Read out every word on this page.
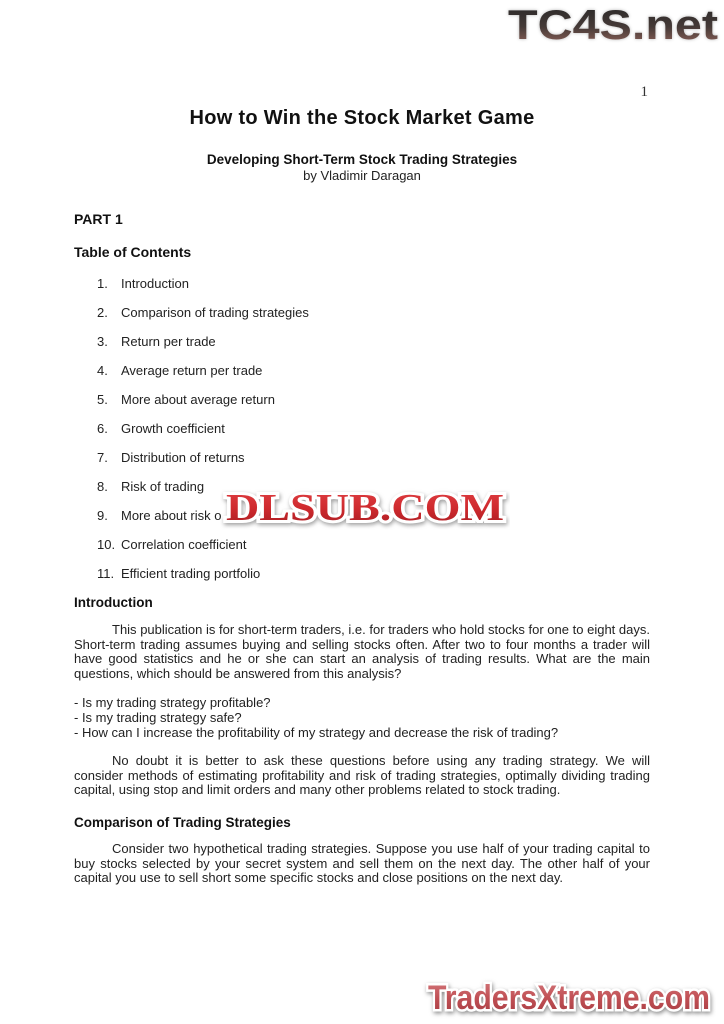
TC4S.net
1
How to Win the Stock Market Game
Developing Short-Term Stock Trading Strategies
by Vladimir Daragan
PART 1
Table of Contents
1.	Introduction
2.	Comparison of trading strategies
3.	Return per trade
4.	Average return per trade
5.	More about average return
6.	Growth coefficient
7.	Distribution of returns
8.	Risk of trading
9.	More about risk o
10. Correlation coefficient
11. Efficient trading portfolio
Introduction
This publication is for short-term traders, i.e. for traders who hold stocks for one to eight days. Short-term trading assumes buying and selling stocks often. After two to four months a trader will have good statistics and he or she can start an analysis of trading results. What are the main questions, which should be answered from this analysis?
- Is my trading strategy profitable?
- Is my trading strategy safe?
- How can I increase the profitability of my strategy and decrease the risk of trading?
No doubt it is better to ask these questions before using any trading strategy. We will consider methods of estimating profitability and risk of trading strategies, optimally dividing trading capital, using stop and limit orders and many other problems related to stock trading.
Comparison of Trading Strategies
Consider two hypothetical trading strategies. Suppose you use half of your trading capital to buy stocks selected by your secret system and sell them on the next day. The other half of your capital you use to sell short some specific stocks and close positions on the next day.
DLSUB.COM
TradersXtreme.com
